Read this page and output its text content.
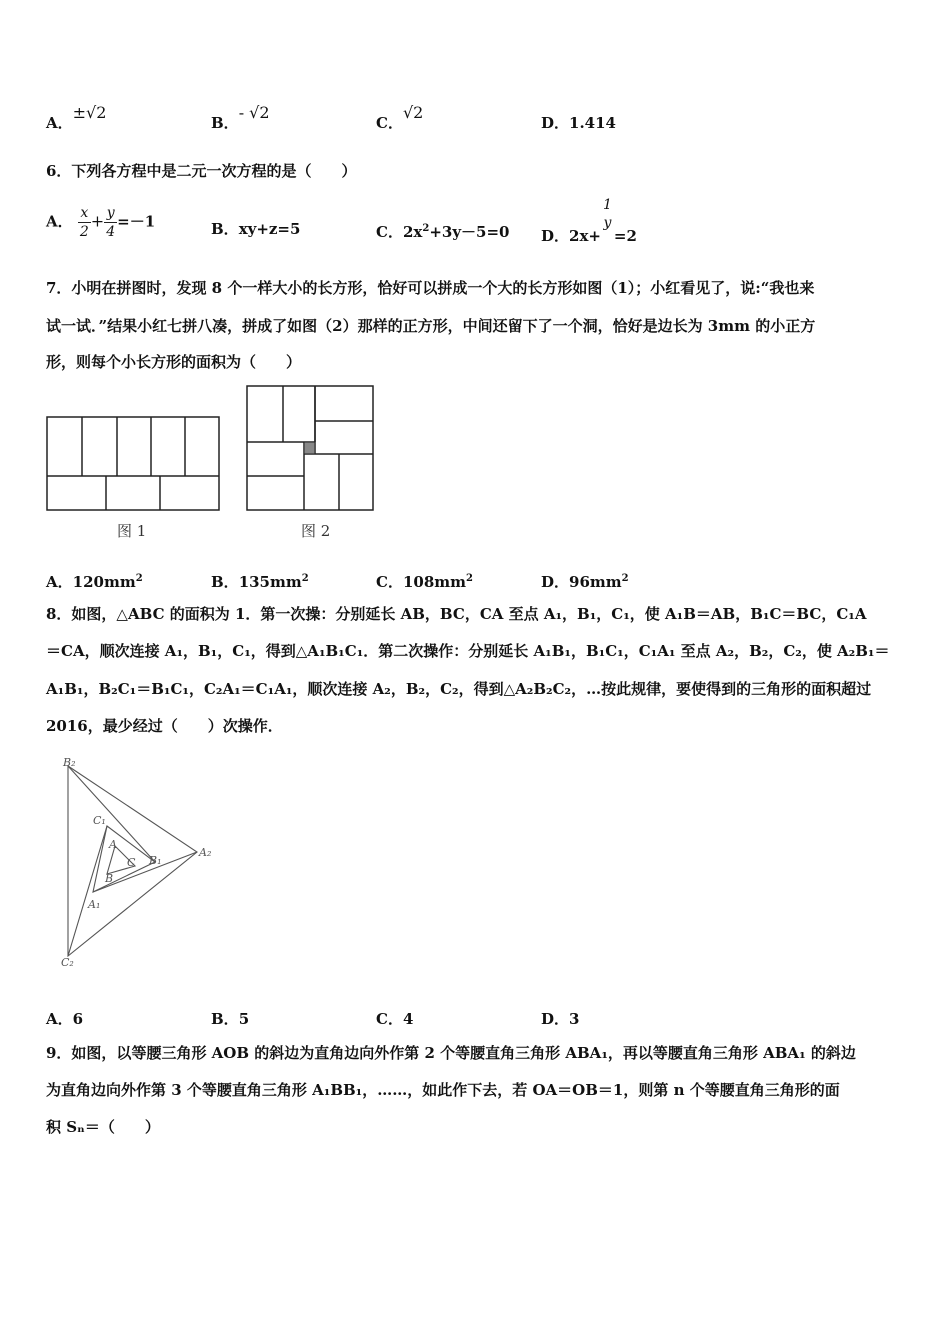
A．±√2
B．- √2
C．√2
D．1.414
6．下列各方程中是二元一次方程的是（　　）
A． $\frac{x}{2} + \frac{y}{4} =-1$	B．xy+z=5	C．$2x^2+3y-5=0$ D．2x+
1
y
=2
7．小明在拼图时，发现 8 个一样大小的长方形，恰好可以拼成一个大的长方形如图（1）；小红看见了，说:“我也来
试一试．”结果小红七拼八凑，拼成了如图（2）那样的正方形，中间还留下了一个洞，恰好是边长为 3mm 的小正方
形，则每个小长方形的面积为（　　）
图 1	图 2
A．$120mm^2$	B．$135mm^2$	C．$108mm^2$	D．$96mm^2$
8．如图，△ABC 的面积为 1．第一次操：分别延长 AB，BC，CA 至点 A₁，B₁，C₁，使 A₁B＝AB，B₁C＝BC，C₁A
＝CA，顺次连接 A₁，B₁，C₁，得到△A₁B₁C₁．第二次操作：分别延长 A₁B₁，B₁C₁，C₁A₁ 至点 A₂，B₂，C₂，使 A₂B₁＝
A₁B₁，B₂C₁＝B₁C₁，C₂A₁＝C₁A₁，顺次连接 A₂，B₂，C₂，得到△A₂B₂C₂，…按此规律，要使得到的三角形的面积超过
2016，最少经过（　　）次操作．
B₂
C₁
A
B₁
C
A₂
B
A₁
C₂
A．6	B．5	C．4	D．3
9．如图，以等腰三角形 AOB 的斜边为直角边向外作第 2 个等腰直角三角形 ABA₁，再以等腰直角三角形 ABA₁ 的斜边
为直角边向外作第 3 个等腰直角三角形 A₁BB₁，……，如此作下去，若 OA＝OB＝1，则第 n 个等腰直角三角形的面
积 Sₙ＝（　　）
